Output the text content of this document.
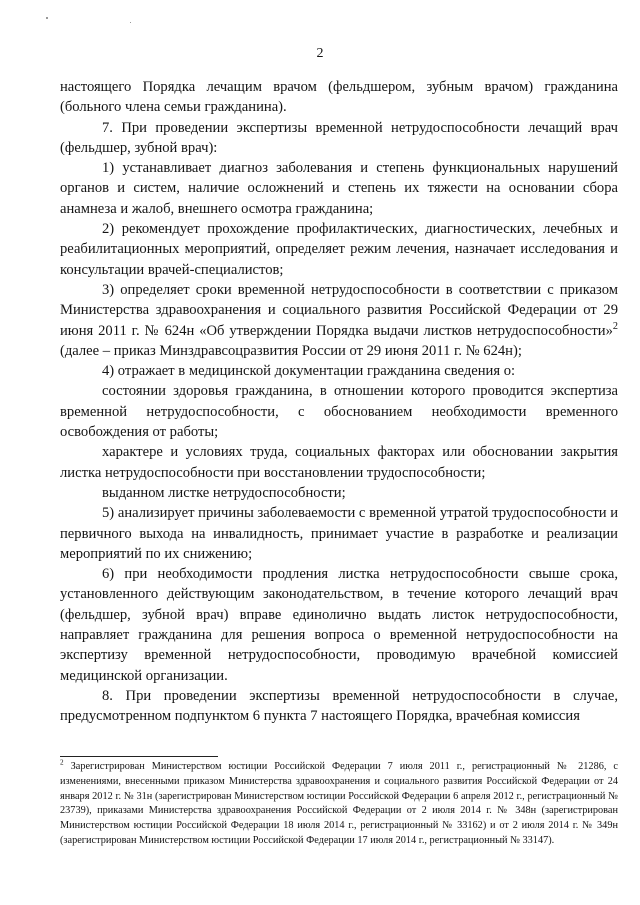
2

настоящего Порядка лечащим врачом (фельдшером, зубным врачом) гражданина (больного члена семьи гражданина).

7. При проведении экспертизы временной нетрудоспособности лечащий врач (фельдшер, зубной врач):

1) устанавливает диагноз заболевания и степень функциональных нарушений органов и систем, наличие осложнений и степень их тяжести на основании сбора анамнеза и жалоб, внешнего осмотра гражданина;

2) рекомендует прохождение профилактических, диагностических, лечебных и реабилитационных мероприятий, определяет режим лечения, назначает исследования и консультации врачей-специалистов;

3) определяет сроки временной нетрудоспособности в соответствии с приказом Министерства здравоохранения и социального развития Российской Федерации от 29 июня 2011 г. № 624н «Об утверждении Порядка выдачи листков нетрудоспособности»$^2$ (далее – приказ Минздравсоцразвития России от 29 июня 2011 г. № 624н);

4) отражает в медицинской документации гражданина сведения о:

состоянии здоровья гражданина, в отношении которого проводится экспертиза временной нетрудоспособности, с обоснованием необходимости временного освобождения от работы;

характере и условиях труда, социальных факторах или обосновании закрытия листка нетрудоспособности при восстановлении трудоспособности;

выданном листке нетрудоспособности;

5) анализирует причины заболеваемости с временной утратой трудоспособности и первичного выхода на инвалидность, принимает участие в разработке и реализации мероприятий по их снижению;

6) при необходимости продления листка нетрудоспособности свыше срока, установленного действующим законодательством, в течение которого лечащий врач (фельдшер, зубной врач) вправе единолично выдать листок нетрудоспособности, направляет гражданина для решения вопроса о временной нетрудоспособности на экспертизу временной нетрудоспособности, проводимую врачебной комиссией медицинской организации.

8. При проведении экспертизы временной нетрудоспособности в случае, предусмотренном подпунктом 6 пункта 7 настоящего Порядка, врачебная комиссия

$^2$ Зарегистрирован Министерством юстиции Российской Федерации 7 июля 2011 г., регистрационный № 21286, с изменениями, внесенными приказом Министерства здравоохранения и социального развития Российской Федерации от 24 января 2012 г. № 31н (зарегистрирован Министерством юстиции Российской Федерации 6 апреля 2012 г., регистрационный № 23739), приказами Министерства здравоохранения Российской Федерации от 2 июля 2014 г. № 348н (зарегистрирован Министерством юстиции Российской Федерации 18 июля 2014 г., регистрационный № 33162) и от 2 июля 2014 г. № 349н (зарегистрирован Министерством юстиции Российской Федерации 17 июля 2014 г., регистрационный № 33147).
